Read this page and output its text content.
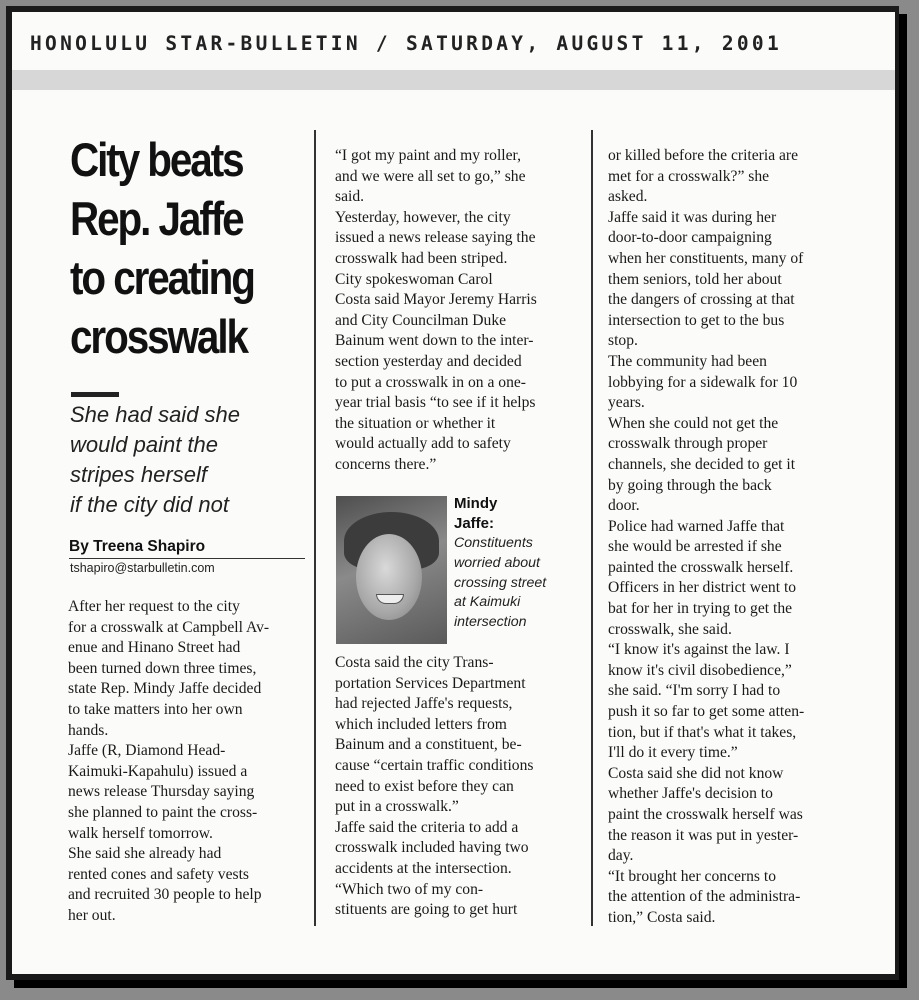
HONOLULU STAR-BULLETIN / SATURDAY, AUGUST 11, 2001
City beats
Rep. Jaffe
to creating
crosswalk
She had said she
would paint the
stripes herself
if the city did not
By Treena Shapiro
tshapiro@starbulletin.com
After her request to the city
for a crosswalk at Campbell Av-
enue and Hinano Street had
been turned down three times,
state Rep. Mindy Jaffe decided
to take matters into her own
hands.
Jaffe (R, Diamond Head-
Kaimuki-Kapahulu) issued a
news release Thursday saying
she planned to paint the cross-
walk herself tomorrow.
She said she already had
rented cones and safety vests
and recruited 30 people to help
her out.
“I got my paint and my roller,
and we were all set to go,” she
said.
Yesterday, however, the city
issued a news release saying the
crosswalk had been striped.
City spokeswoman Carol
Costa said Mayor Jeremy Harris
and City Councilman Duke
Bainum went down to the inter-
section yesterday and decided
to put a crosswalk in on a one-
year trial basis “to see if it helps
the situation or whether it
would actually add to safety
concerns there.”
Mindy
Jaffe:
Constituents
worried about
crossing street
at Kaimuki
intersection
Costa said the city Trans-
portation Services Department
had rejected Jaffe's requests,
which included letters from
Bainum and a constituent, be-
cause “certain traffic conditions
need to exist before they can
put in a crosswalk.”
Jaffe said the criteria to add a
crosswalk included having two
accidents at the intersection.
“Which two of my con-
stituents are going to get hurt
or killed before the criteria are
met for a crosswalk?” she
asked.
Jaffe said it was during her
door-to-door campaigning
when her constituents, many of
them seniors, told her about
the dangers of crossing at that
intersection to get to the bus
stop.
The community had been
lobbying for a sidewalk for 10
years.
When she could not get the
crosswalk through proper
channels, she decided to get it
by going through the back
door.
Police had warned Jaffe that
she would be arrested if she
painted the crosswalk herself.
Officers in her district went to
bat for her in trying to get the
crosswalk, she said.
“I know it's against the law. I
know it's civil disobedience,”
she said. “I'm sorry I had to
push it so far to get some atten-
tion, but if that's what it takes,
I'll do it every time.”
Costa said she did not know
whether Jaffe's decision to
paint the crosswalk herself was
the reason it was put in yester-
day.
“It brought her concerns to
the attention of the administra-
tion,” Costa said.
